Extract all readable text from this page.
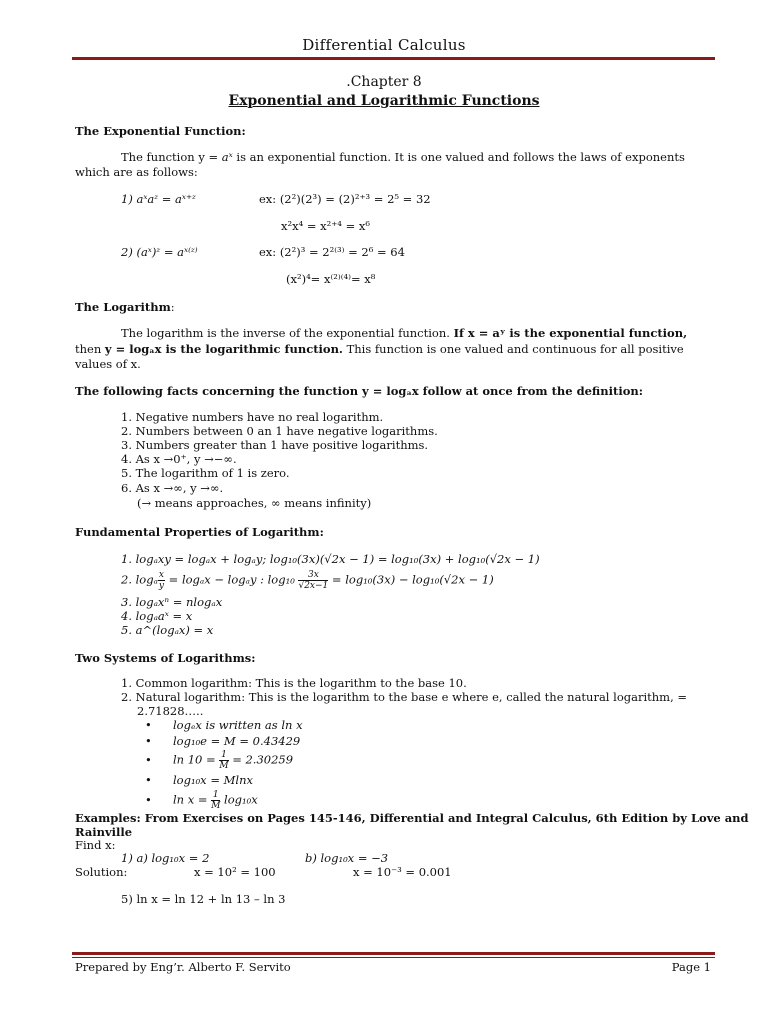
Differential Calculus
.Chapter 8
Exponential and Logarithmic Functions
The Exponential Function:
The function y = aˣ is an exponential function. It is one valued and follows the laws of exponents
which are as follows:
1) aˣaᶻ = aˣ⁺ᶻ	ex: (2²)(2³) = (2)²⁺³ = 2⁵ = 32
x²x⁴ = x²⁺⁴ = x⁶
2) (aˣ)ᶻ = aˣ⁽ᶻ⁾	ex: (2²)³ = 2²⁽³⁾ = 2⁶ = 64
(x²)⁴= x⁽²⁾⁽⁴⁾= x⁸
The Logarithm:
The logarithm is the inverse of the exponential function. If x = aʸ is the exponential function,
then y = logₐx is the logarithmic function. This function is one valued and continuous for all positive
values of x.
The following facts concerning the function y = logₐx follow at once from the definition:
1. Negative numbers have no real logarithm.
2. Numbers between 0 an 1 have negative logarithms.
3. Numbers greater than 1 have positive logarithms.
4. As x →0⁺, y →−∞.
5. The logarithm of 1 is zero.
6. As x →∞, y →∞.
(→ means approaches, ∞ means infinity)
Fundamental Properties of Logarithm:
1. logₐxy = logₐx + logₐy; log₁₀(3x)(√2x − 1) = log₁₀(3x) + log₁₀(√2x − 1)
2. logₐ $\frac{x}{y} = \log_ax - \log_ay$ : $\log_{10} \frac{3x}{√2x-1} = \log_{10}(3x) - \log_{10}(√2x - 1)$
3. logₐxⁿ = nlogₐx
4. logₐaˣ = x
5. a^(logₐx) = x
Two Systems of Logarithms:
1. Common logarithm: This is the logarithm to the base 10.
2. Natural logarithm: This is the logarithm to the base e where e, called the natural logarithm, =
2.71828…..
• logₑx is written as ln x
• log₁₀e = M = 0.43429
• $\ln 10 = \frac{1}{M} = 2.30259$
• log₁₀x = Mlnx
• $\ln x = \frac{1}{M} \log_{10}x$
Examples: From Exercises on Pages 145-146, Differential and Integral Calculus, 6th Edition by Love and
Rainville
Find x:
1) a) log₁₀x = 2	b) log₁₀x = −3
Solution:	x = 10² = 100	x = 10⁻³ = 0.001
5) ln x = ln 12 + ln 13 – ln 3
Prepared by Eng’r. Alberto F. Servito	Page 1
